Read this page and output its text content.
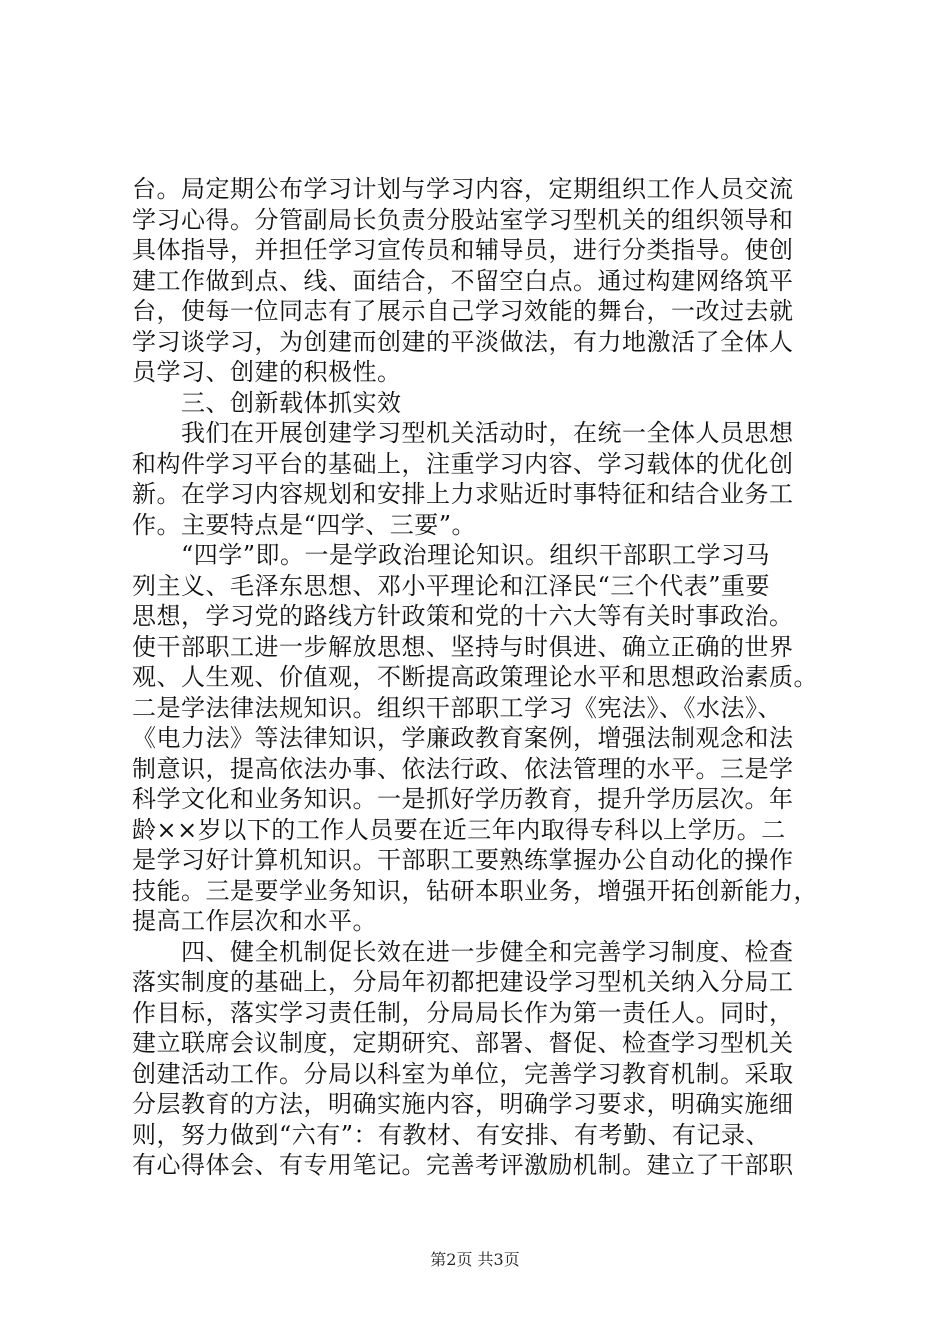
台。局定期公布学习计划与学习内容，定期组织工作人员交流
学习心得。分管副局长负责分股站室学习型机关的组织领导和
具体指导，并担任学习宣传员和辅导员，进行分类指导。使创
建工作做到点、线、面结合，不留空白点。通过构建网络筑平
台，使每一位同志有了展示自己学习效能的舞台，一改过去就
学习谈学习，为创建而创建的平淡做法，有力地激活了全体人
员学习、创建的积极性。
　　三、创新载体抓实效
　　我们在开展创建学习型机关活动时，在统一全体人员思想
和构件学习平台的基础上，注重学习内容、学习载体的优化创
新。在学习内容规划和安排上力求贴近时事特征和结合业务工
作。主要特点是“四学、三要”。
　　“四学”即。一是学政治理论知识。组织干部职工学习马
列主义、毛泽东思想、邓小平理论和江泽民“三个代表”重要
思想，学习党的路线方针政策和党的十六大等有关时事政治。
使干部职工进一步解放思想、坚持与时俱进、确立正确的世界
观、人生观、价值观，不断提高政策理论水平和思想政治素质。
二是学法律法规知识。组织干部职工学习《宪法》、《水法》、
《电力法》等法律知识，学廉政教育案例，增强法制观念和法
制意识，提高依法办事、依法行政、依法管理的水平。三是学
科学文化和业务知识。一是抓好学历教育，提升学历层次。年
龄××岁以下的工作人员要在近三年内取得专科以上学历。二
是学习好计算机知识。干部职工要熟练掌握办公自动化的操作
技能。三是要学业务知识，钻研本职业务，增强开拓创新能力，
提高工作层次和水平。
　　四、健全机制促长效在进一步健全和完善学习制度、检查
落实制度的基础上，分局年初都把建设学习型机关纳入分局工
作目标，落实学习责任制，分局局长作为第一责任人。同时，
建立联席会议制度，定期研究、部署、督促、检查学习型机关
创建活动工作。分局以科室为单位，完善学习教育机制。采取
分层教育的方法，明确实施内容，明确学习要求，明确实施细
则，努力做到“六有”：有教材、有安排、有考勤、有记录、
有心得体会、有专用笔记。完善考评激励机制。建立了干部职
第2页 共3页
